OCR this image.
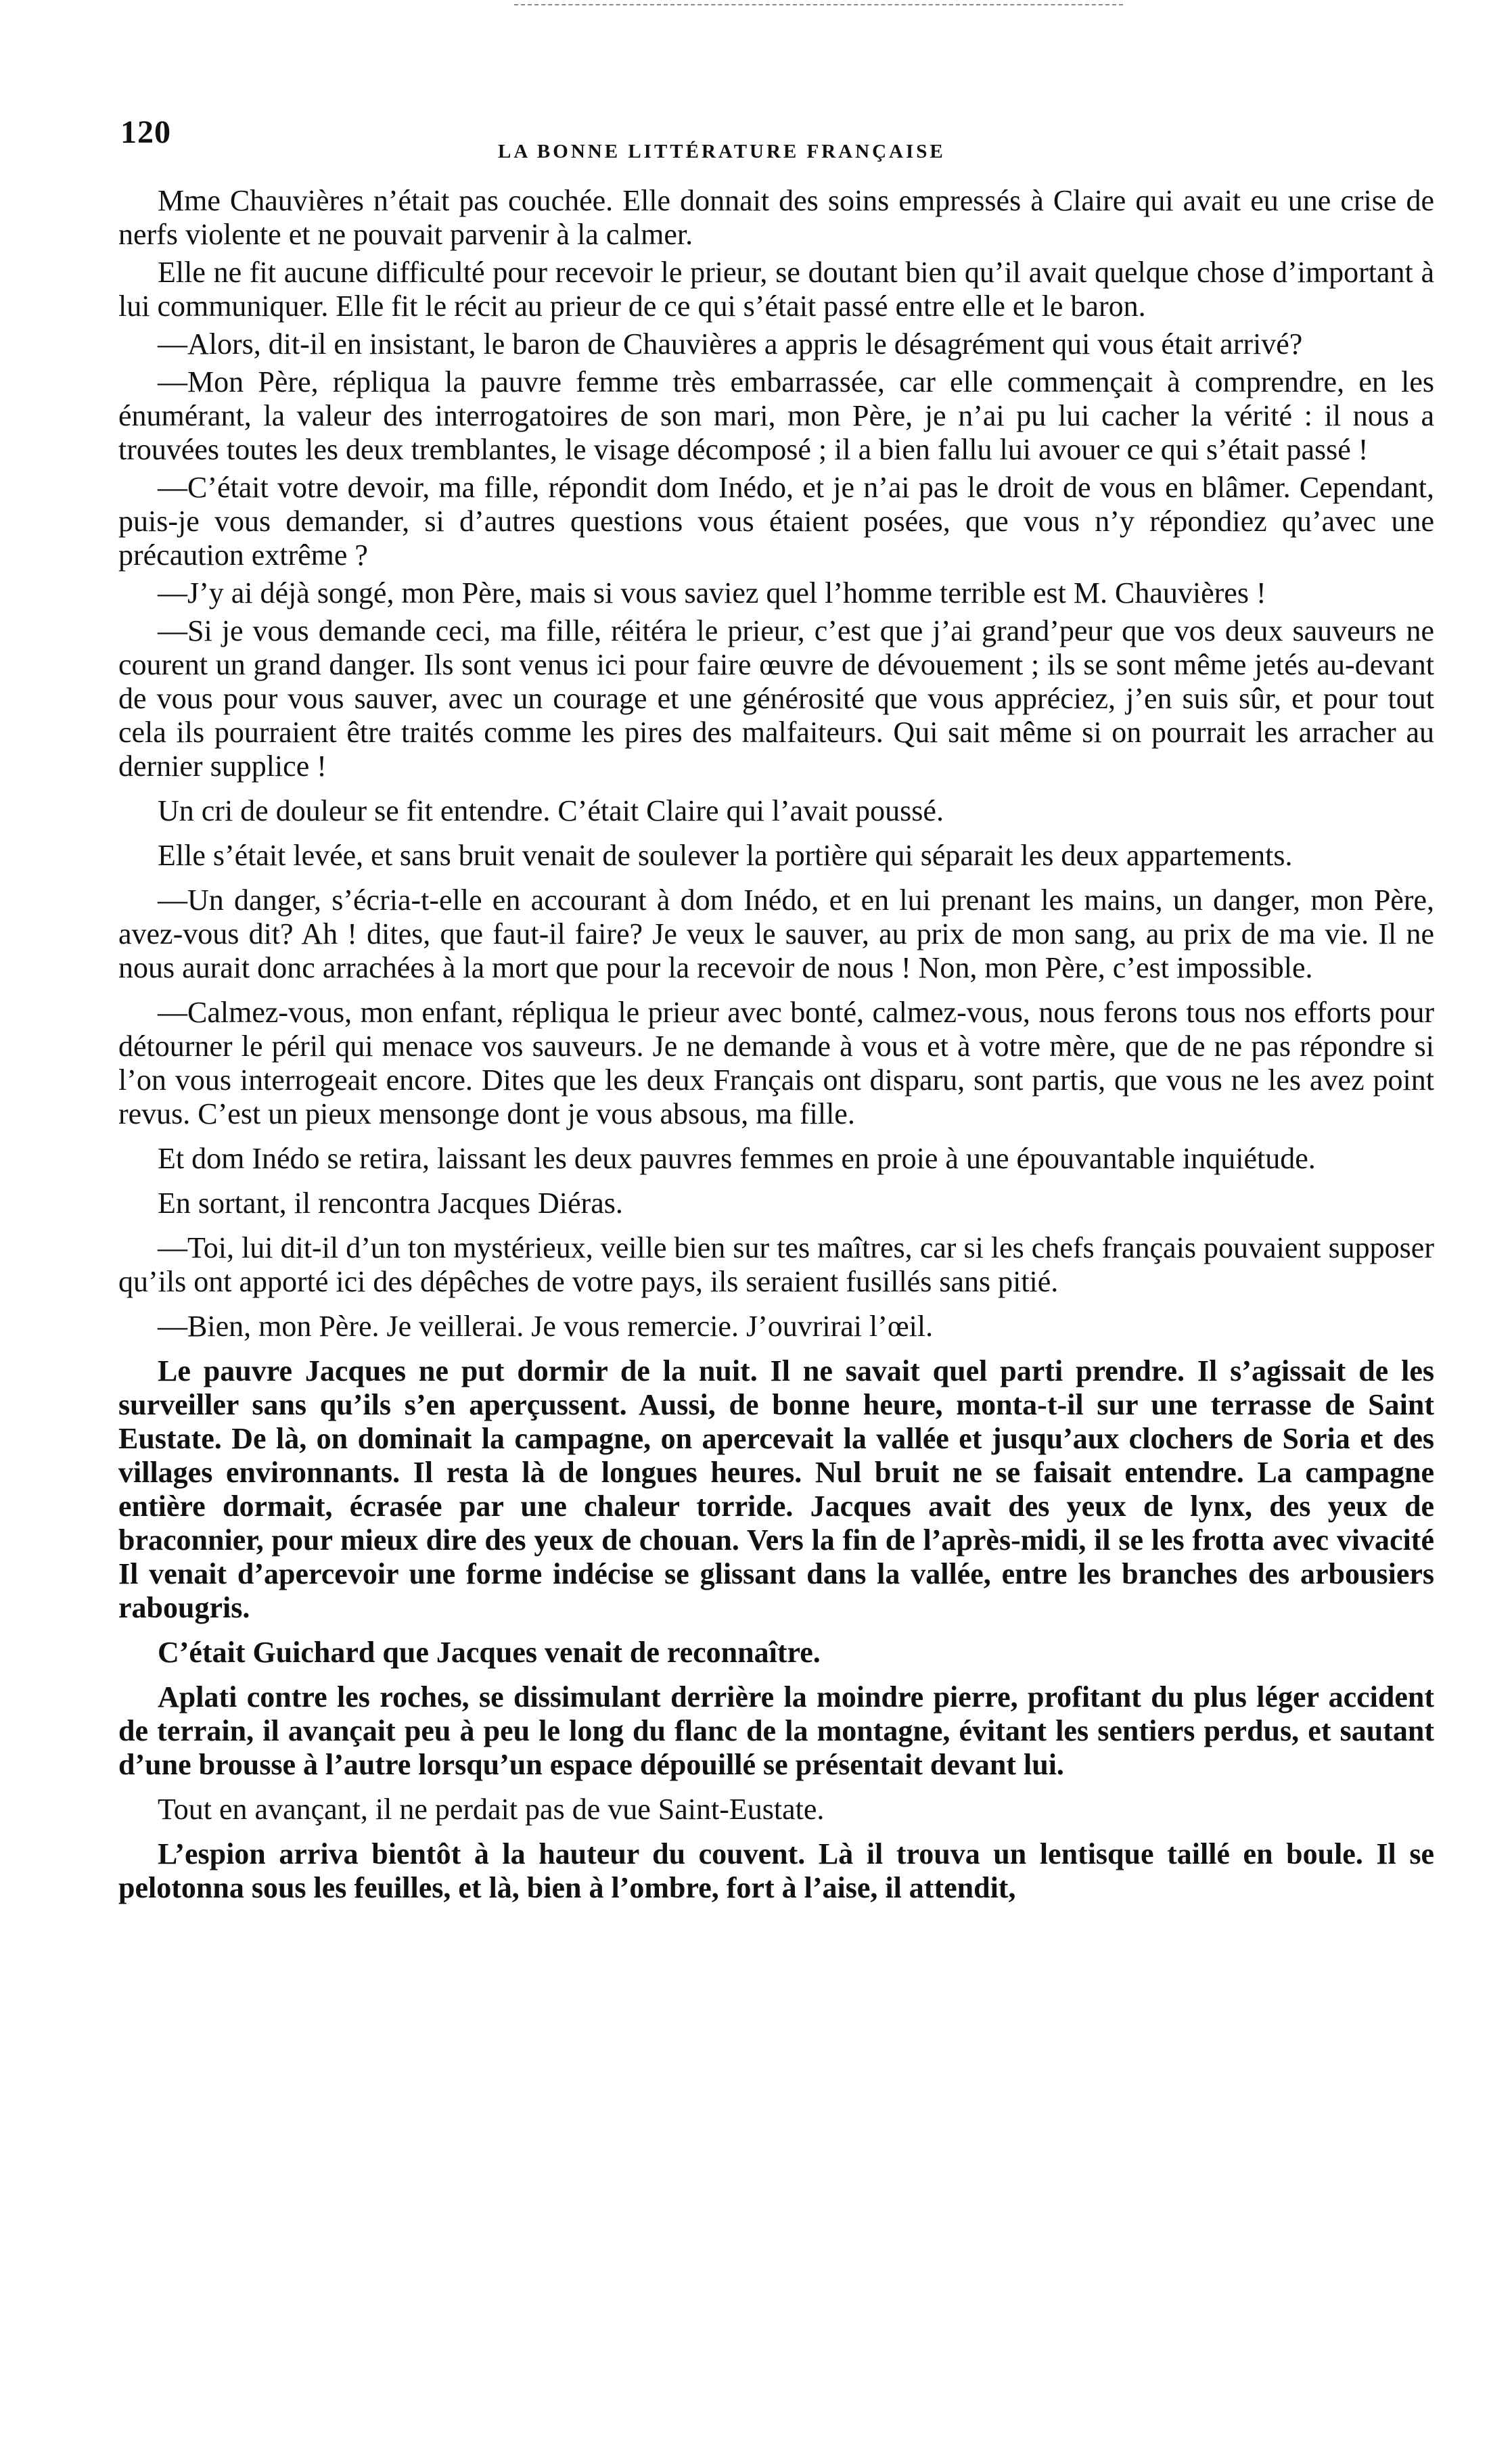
120
LA BONNE LITTÉRATURE FRANÇAISE

Mme Chauvières n’était pas couchée. Elle donnait des soins empressés à Claire qui avait eu une crise de nerfs violente et ne pouvait parvenir à la calmer.

Elle ne fit aucune difficulté pour recevoir le prieur, se doutant bien qu’il avait quelque chose d’important à lui communiquer. Elle fit le récit au prieur de ce qui s’était passé entre elle et le baron.

—Alors, dit-il en insistant, le baron de Chauvières a appris le désagrément qui vous était arrivé?

—Mon Père, répliqua la pauvre femme très embarrassée, car elle commençait à comprendre, en les énumérant, la valeur des interrogatoires de son mari, mon Père, je n’ai pu lui cacher la vérité : il nous a trouvées toutes les deux tremblantes, le visage décomposé ; il a bien fallu lui avouer ce qui s’était passé !

—C’était votre devoir, ma fille, répondit dom Inédo, et je n’ai pas le droit de vous en blâmer. Cependant, puis-je vous demander, si d’autres questions vous étaient posées, que vous n’y répondiez qu’avec une précaution extrême ?

—J’y ai déjà songé, mon Père, mais si vous saviez quel l’homme terrible est M. Chauvières !

—Si je vous demande ceci, ma fille, réitéra le prieur, c’est que j’ai grand’peur que vos deux sauveurs ne courent un grand danger. Ils sont venus ici pour faire œuvre de dévouement ; ils se sont même jetés au-devant de vous pour vous sauver, avec un courage et une générosité que vous appréciez, j’en suis sûr, et pour tout cela ils pourraient être traités comme les pires des malfaiteurs. Qui sait même si on pourrait les arracher au dernier supplice !

Un cri de douleur se fit entendre. C’était Claire qui l’avait poussé.

Elle s’était levée, et sans bruit venait de soulever la portière qui séparait les deux appartements.

—Un danger, s’écria-t-elle en accourant à dom Inédo, et en lui prenant les mains, un danger, mon Père, avez-vous dit? Ah ! dites, que faut-il faire? Je veux le sauver, au prix de mon sang, au prix de ma vie. Il ne nous aurait donc arrachées à la mort que pour la recevoir de nous ! Non, mon Père, c’est impossible.

—Calmez-vous, mon enfant, répliqua le prieur avec bonté, calmez-vous, nous ferons tous nos efforts pour détourner le péril qui menace vos sauveurs. Je ne demande à vous et à votre mère, que de ne pas répondre si l’on vous interrogeait encore. Dites que les deux Français ont disparu, sont partis, que vous ne les avez point revus. C’est un pieux mensonge dont je vous absous, ma fille.

Et dom Inédo se retira, laissant les deux pauvres femmes en proie à une épouvantable inquiétude.

En sortant, il rencontra Jacques Diéras.

—Toi, lui dit-il d’un ton mystérieux, veille bien sur tes maîtres, car si les chefs français pouvaient supposer qu’ils ont apporté ici des dépêches de votre pays, ils seraient fusillés sans pitié.

—Bien, mon Père. Je veillerai. Je vous remercie. J’ouvrirai l’œil.

Le pauvre Jacques ne put dormir de la nuit. Il ne savait quel parti prendre. Il s’agissait de les surveiller sans qu’ils s’en aperçussent. Aussi, de bonne heure, monta-t-il sur une terrasse de Saint Eustate. De là, on dominait la campagne, on apercevait la vallée et jusqu’aux clochers de Soria et des villages environnants. Il resta là de longues heures. Nul bruit ne se faisait entendre. La campagne entière dormait, écrasée par une chaleur torride. Jacques avait des yeux de lynx, des yeux de braconnier, pour mieux dire des yeux de chouan. Vers la fin de l’après-midi, il se les frotta avec vivacité Il venait d’apercevoir une forme indécise se glissant dans la vallée, entre les branches des arbousiers rabougris.

C’était Guichard que Jacques venait de reconnaître.

Aplati contre les roches, se dissimulant derrière la moindre pierre, profitant du plus léger accident de terrain, il avançait peu à peu le long du flanc de la montagne, évitant les sentiers perdus, et sautant d’une brousse à l’autre lorsqu’un espace dépouillé se présentait devant lui.

Tout en avançant, il ne perdait pas de vue Saint-Eustate.

L’espion arriva bientôt à la hauteur du couvent. Là il trouva un lentisque taillé en boule. Il se pelotonna sous les feuilles, et là, bien à l’ombre, fort à l’aise, il attendit,
